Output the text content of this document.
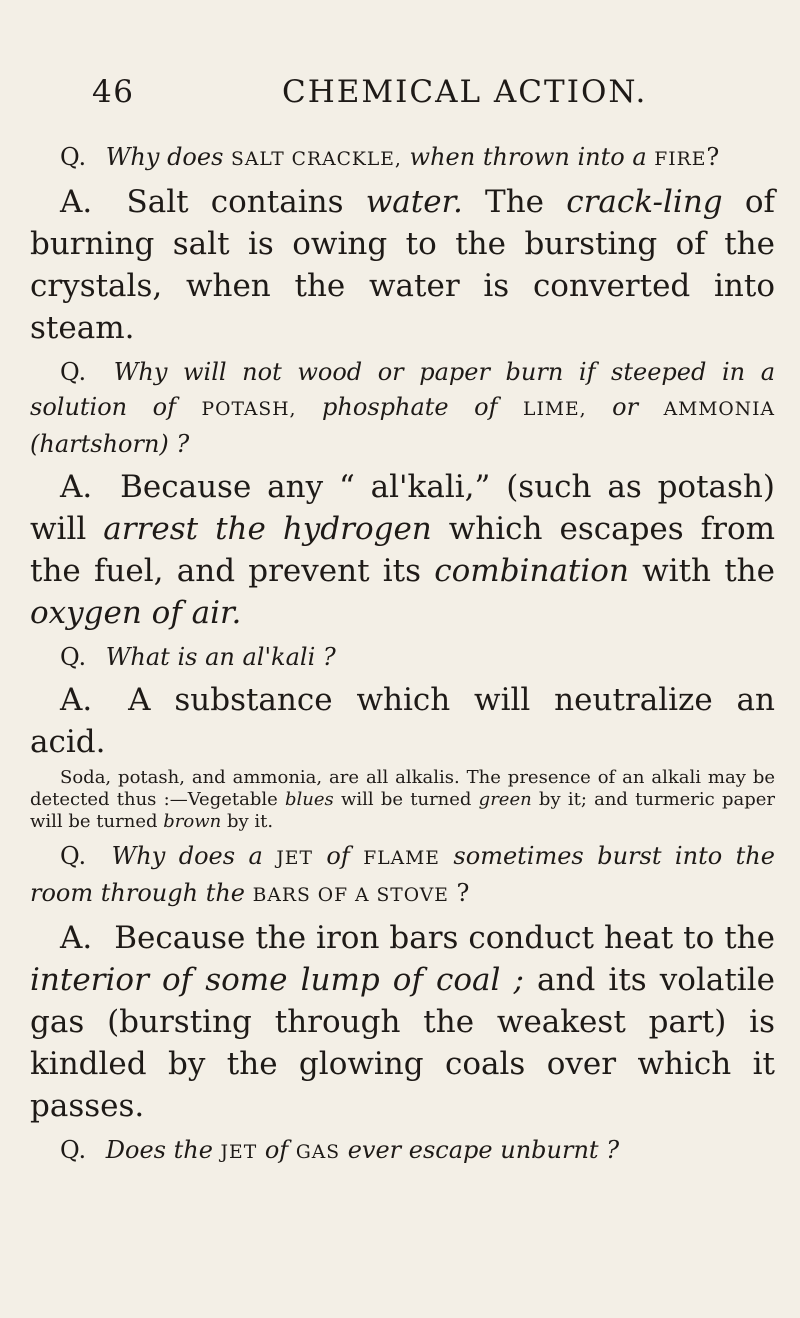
46	CHEMICAL ACTION.

Q. Why does SALT CRACKLE, when thrown into a FIRE?

A. Salt contains water. The crack-ling of burning salt is owing to the bursting of the crystals, when the water is converted into steam.

Q. Why will not wood or paper burn if steeped in a solution of POTASH, phosphate of LIME, or AMMONIA (hartshorn) ?

A. Because any “ al'kali,” (such as potash) will arrest the hydrogen which escapes from the fuel, and prevent its combination with the oxygen of air.

Q. What is an al'kali ?

A. A substance which will neutralize an acid.

Soda, potash, and ammonia, are all alkalis. The presence of an alkali may be detected thus :—Vegetable blues will be turned green by it; and turmeric paper will be turned brown by it.

Q. Why does a JET of FLAME sometimes burst into the room through the BARS OF A STOVE ?

A. Because the iron bars conduct heat to the interior of some lump of coal ; and its volatile gas (bursting through the weakest part) is kindled by the glowing coals over which it passes.

Q. Does the JET of GAS ever escape unburnt ?
